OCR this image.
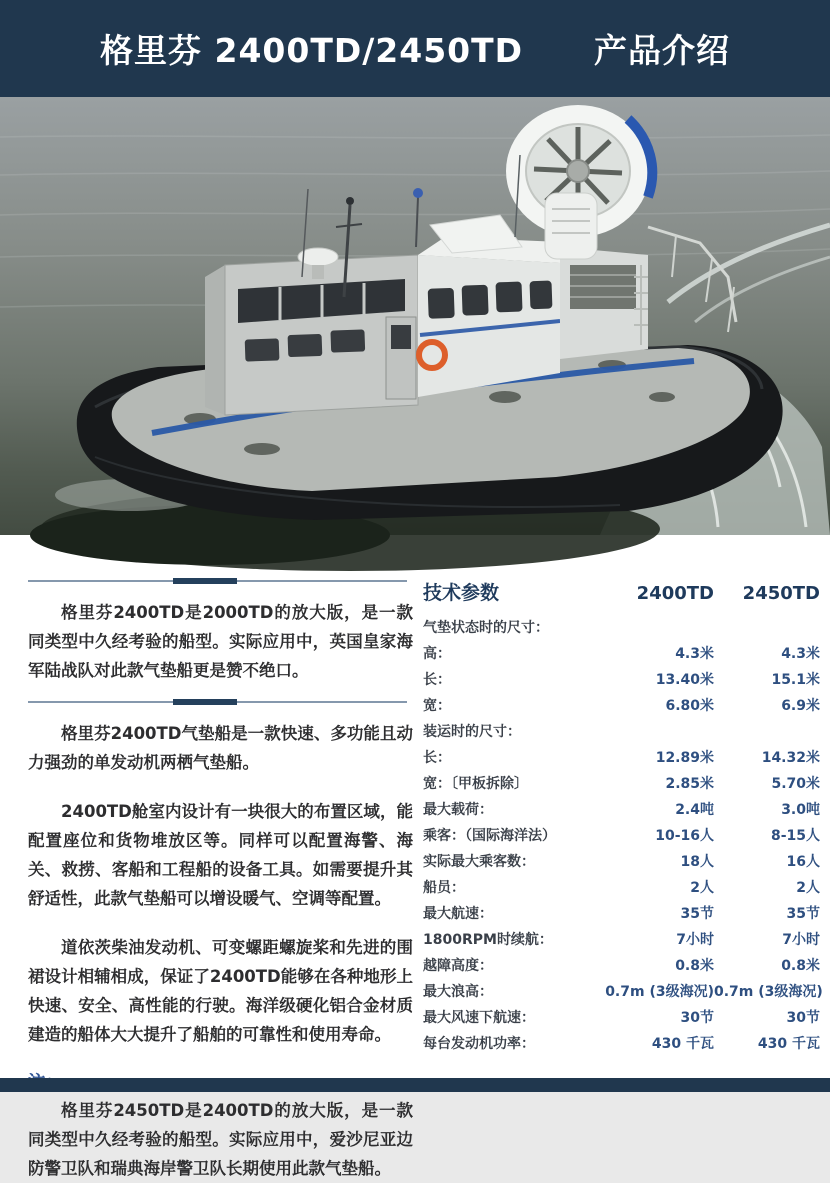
格里芬 2400TD/2450TD 产品介绍

格里芬2400TD是2000TD的放大版，是一款同类型中久经考验的船型。实际应用中，英国皇家海军陆战队对此款气垫船更是赞不绝口。

格里芬2400TD气垫船是一款快速、多功能且动力强劲的单发动机两栖气垫船。

2400TD舱室内设计有一块很大的布置区域，能配置座位和货物堆放区等。同样可以配置海警、海关、救捞、客船和工程船的设备工具。如需要提升其舒适性，此款气垫船可以增设暖气、空调等配置。

道依茨柴油发动机、可变螺距螺旋桨和先进的围裙设计相辅相成，保证了2400TD能够在各种地形上快速、安全、高性能的行驶。海洋级硬化铝合金材质建造的船体大大提升了船舶的可靠性和使用寿命。

格里芬2450TD是2400TD的放大版，是一款同类型中久经考验的船型。实际应用中，爱沙尼亚边防警卫队和瑞典海岸警卫队长期使用此款气垫船。

技术参数	2400TD	2450TD
气垫状态时的尺寸：
高：	4.3米	4.3米
长：	13.40米	15.1米
宽：	6.80米	6.9米
装运时的尺寸：
长：	12.89米	14.32米
宽：〔甲板拆除〕	2.85米	5.70米
最大载荷：	2.4吨	3.0吨
乘客：（国际海洋法）	10-16人	8-15人
实际最大乘客数：	18人	16人
船员：	2人	2人
最大航速：	35节	35节
1800RPM时续航：	7小时	7小时
越障高度：	0.8米	0.8米
最大浪高：	0.7m (3级海况) 0.7m (3级海况)
最大风速下航速：	30节	30节
每台发动机功率：	430 千瓦	430 千瓦
